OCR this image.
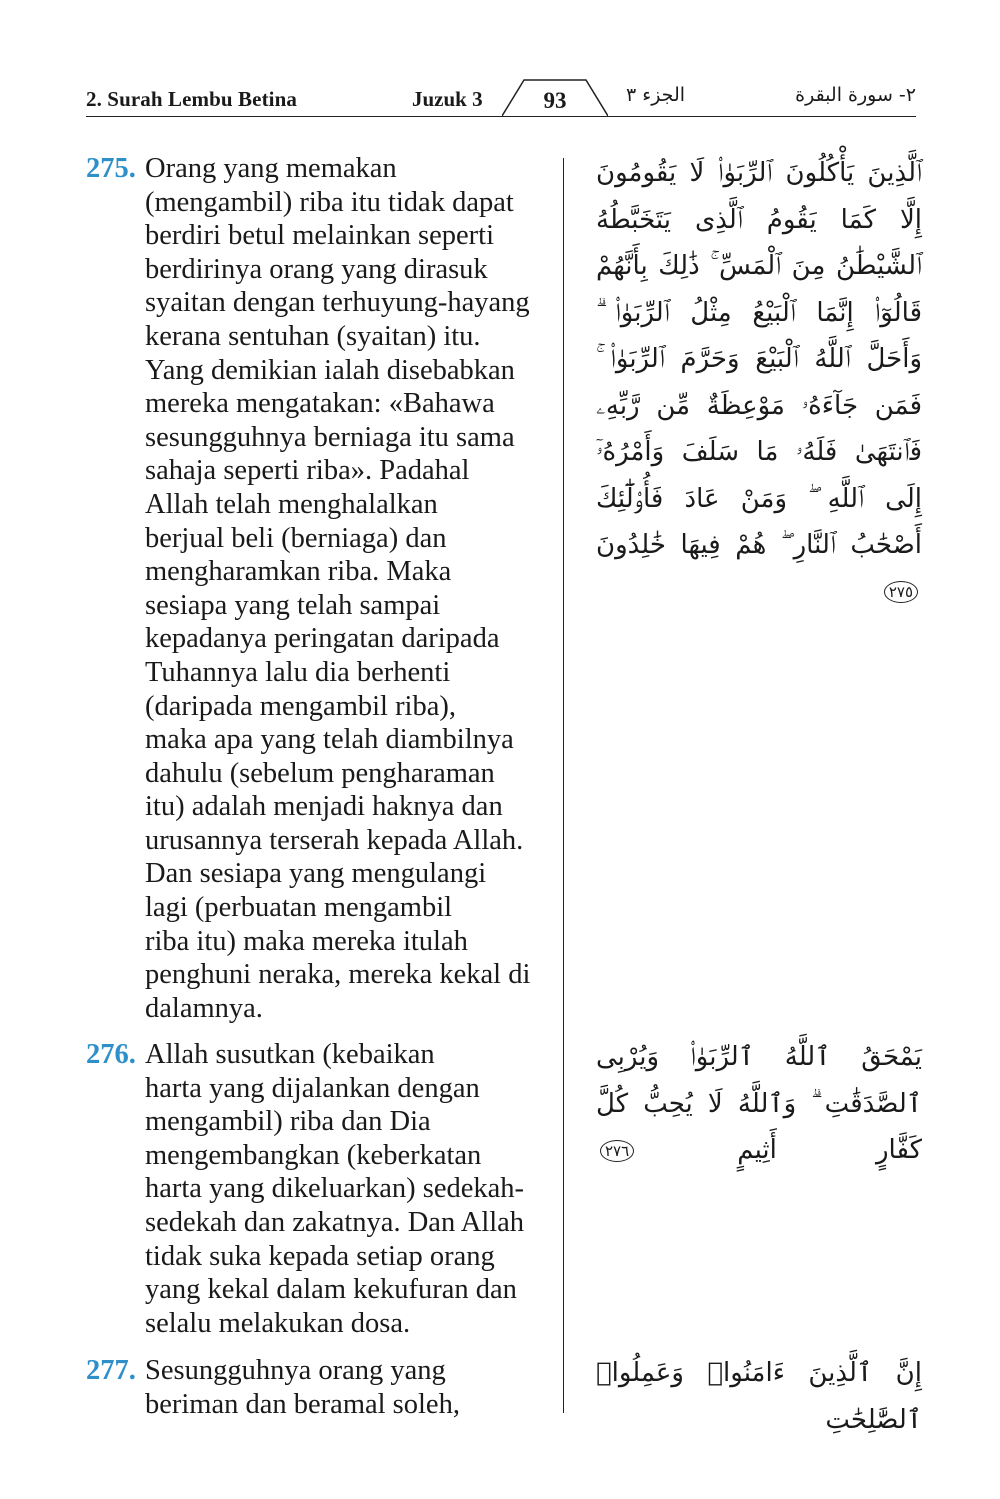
2. Surah Lembu Betina	Juzuk 3	93	الجزء ٣	٢- سورة البقرة
275. Orang yang memakan
(mengambil) riba itu tidak dapat
berdiri betul melainkan seperti
berdirinya orang yang dirasuk
syaitan dengan terhuyung-hayang
kerana sentuhan (syaitan) itu.
Yang demikian ialah disebabkan
mereka mengatakan: «Bahawa
sesungguhnya berniaga itu sama
sahaja seperti riba». Padahal
Allah telah menghalalkan
berjual beli (berniaga) dan
mengharamkan riba. Maka
sesiapa yang telah sampai
kepadanya peringatan daripada
Tuhannya lalu dia berhenti
(daripada mengambil riba),
maka apa yang telah diambilnya
dahulu (sebelum pengharaman
itu) adalah menjadi haknya dan
urusannya terserah kepada Allah.
Dan sesiapa yang mengulangi
lagi (perbuatan mengambil
riba itu) maka mereka itulah
penghuni neraka, mereka kekal di
dalamnya.
ٱلَّذِينَ يَأْكُلُونَ ٱلرِّبَوٰا۟ لَا يَقُومُونَ إِلَّا كَمَا يَقُومُ ٱلَّذِى يَتَخَبَّطُهُ ٱلشَّيْطَٰنُ مِنَ ٱلْمَسِّ ۚ ذَٰلِكَ بِأَنَّهُمْ قَالُوٓا۟ إِنَّمَا ٱلْبَيْعُ مِثْلُ ٱلرِّبَوٰا۟ ۗ وَأَحَلَّ ٱللَّهُ ٱلْبَيْعَ وَحَرَّمَ ٱلرِّبَوٰا۟ ۚ فَمَن جَآءَهُۥ مَوْعِظَةٌ مِّن رَّبِّهِۦ فَٱنتَهَىٰ فَلَهُۥ مَا سَلَفَ وَأَمْرُهُۥٓ إِلَى ٱللَّهِ ۖ وَمَنْ عَادَ فَأُو۟لَٰٓئِكَ أَصْحَٰبُ ٱلنَّارِ ۖ هُمْ فِيهَا خَٰلِدُونَ ٢٧٥
276. Allah susutkan (kebaikan
harta yang dijalankan dengan
mengambil) riba dan Dia
mengembangkan (keberkatan
harta yang dikeluarkan) sedekah-
sedekah dan zakatnya. Dan Allah
tidak suka kepada setiap orang
yang kekal dalam kekufuran dan
selalu melakukan dosa.
يَمْحَقُ ٱللَّهُ ٱلرِّبَوٰا۟ وَيُرْبِى ٱلصَّدَقَٰتِ ۗ وَٱللَّهُ لَا يُحِبُّ كُلَّ كَفَّارٍ أَثِيمٍ ٢٧٦
277. Sesungguhnya orang yang
beriman dan beramal soleh,
إِنَّ ٱلَّذِينَ ءَامَنُوا۟ وَعَمِلُوا۟ ٱلصَّٰلِحَٰتِ
